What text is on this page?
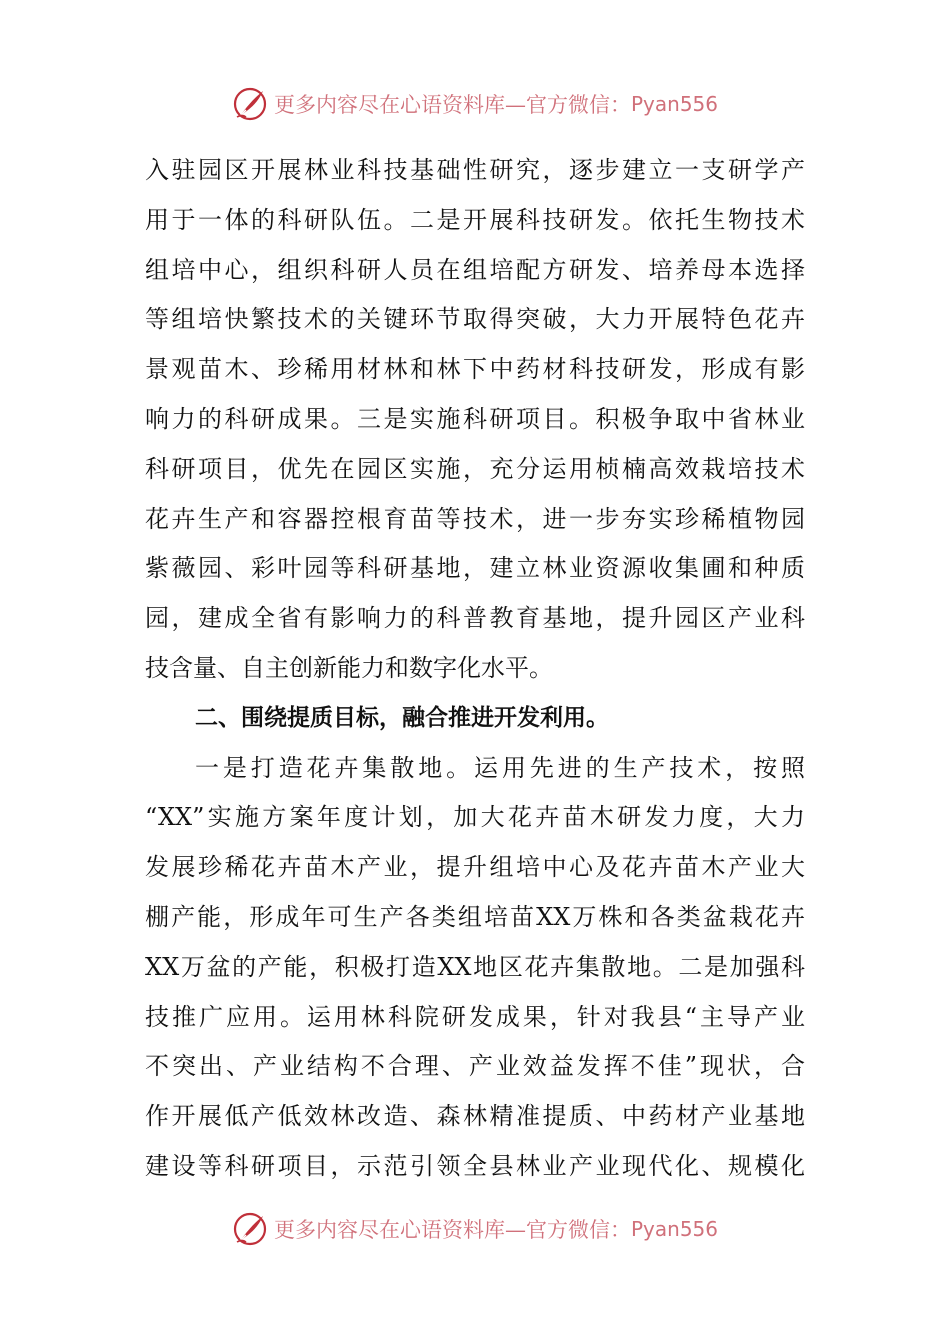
更多内容尽在心语资料库—官方微信： Pyan556
入驻园区开展林业科技基础性研究，逐步建立一支研学产
用于一体的科研队伍。二是开展科技研发。依托生物技术
组培中心，组织科研人员在组培配方研发、培养母本选择
等组培快繁技术的关键环节取得突破，大力开展特色花卉
景观苗木、珍稀用材林和林下中药材科技研发，形成有影
响力的科研成果。三是实施科研项目。积极争取中省林业
科研项目，优先在园区实施，充分运用桢楠高效栽培技术
花卉生产和容器控根育苗等技术，进一步夯实珍稀植物园
紫薇园、彩叶园等科研基地，建立林业资源收集圃和种质
园，建成全省有影响力的科普教育基地，提升园区产业科
技含量、自主创新能力和数字化水平。
二、围绕提质目标，融合推进开发利用。
一是打造花卉集散地。运用先进的生产技术，按照
“XX”实施方案年度计划，加大花卉苗木研发力度，大力
发展珍稀花卉苗木产业，提升组培中心及花卉苗木产业大
棚产能，形成年可生产各类组培苗XX万株和各类盆栽花卉
XX万盆的产能，积极打造XX地区花卉集散地。二是加强科
技推广应用。运用林科院研发成果，针对我县“主导产业
不突出、产业结构不合理、产业效益发挥不佳”现状，合
作开展低产低效林改造、森林精准提质、中药材产业基地
建设等科研项目，示范引领全县林业产业现代化、规模化
更多内容尽在心语资料库—官方微信： Pyan556
